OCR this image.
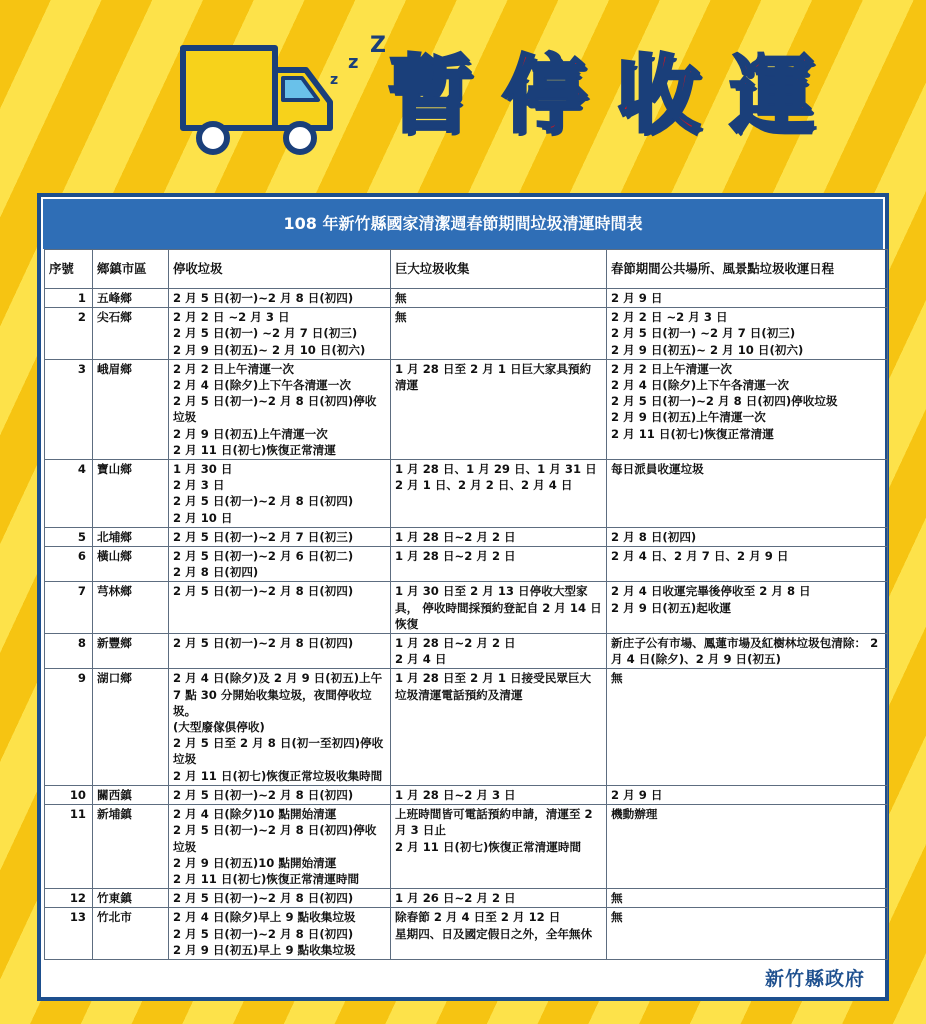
z
z
Z
暫停收運
108 年新竹縣國家清潔週春節期間垃圾清運時間表
序號	鄉鎮市區	停收垃圾	巨大垃圾收集	春節期間公共場所、風景點垃圾收運日程
1	五峰鄉	2 月 5 日(初一)~2 月 8 日(初四)	無	2 月 9 日
2	尖石鄉	2 月 2 日 ~2 月 3 日
2 月 5 日(初一) ~2 月 7 日(初三)
2 月 9 日(初五)~ 2 月 10 日(初六)	無	2 月 2 日 ~2 月 3 日
2 月 5 日(初一) ~2 月 7 日(初三)
2 月 9 日(初五)~ 2 月 10 日(初六)
3	峨眉鄉	2 月 2 日上午清運一次
2 月 4 日(除夕)上下午各清運一次
2 月 5 日(初一)~2 月 8 日(初四)停收垃圾
2 月 9 日(初五)上午清運一次
2 月 11 日(初七)恢復正常清運	1 月 28 日至 2 月 1 日巨大家具預約清運	2 月 2 日上午清運一次
2 月 4 日(除夕)上下午各清運一次
2 月 5 日(初一)~2 月 8 日(初四)停收垃圾
2 月 9 日(初五)上午清運一次
2 月 11 日(初七)恢復正常清運
4	寶山鄉	1 月 30 日
2 月 3 日
2 月 5 日(初一)~2 月 8 日(初四)
2 月 10 日	1 月 28 日、1 月 29 日、1 月 31 日
2 月 1 日、2 月 2 日、2 月 4 日	每日派員收運垃圾
5	北埔鄉	2 月 5 日(初一)~2 月 7 日(初三)	1 月 28 日~2 月 2 日	2 月 8 日(初四)
6	橫山鄉	2 月 5 日(初一)~2 月 6 日(初二)
2 月 8 日(初四)	1 月 28 日~2 月 2 日	2 月 4 日、2 月 7 日、2 月 9 日
7	芎林鄉	2 月 5 日(初一)~2 月 8 日(初四)	1 月 30 日至 2 月 13 日停收大型家具， 停收時間採預約登記自 2 月 14 日恢復	2 月 4 日收運完畢後停收至 2 月 8 日
2 月 9 日(初五)起收運
8	新豐鄉	2 月 5 日(初一)~2 月 8 日(初四)	1 月 28 日~2 月 2 日
2 月 4 日	新庄子公有市場、鳳蓮市場及紅樹林垃圾包清除： 2 月 4 日(除夕)、2 月 9 日(初五)
9	湖口鄉	2 月 4 日(除夕)及 2 月 9 日(初五)上午 7 點 30 分開始收集垃圾，夜間停收垃圾。
(大型廢傢俱停收)
2 月 5 日至 2 月 8 日(初一至初四)停收垃圾
2 月 11 日(初七)恢復正常垃圾收集時間	1 月 28 日至 2 月 1 日接受民眾巨大垃圾清運電話預約及清運	無
10	關西鎮	2 月 5 日(初一)~2 月 8 日(初四)	1 月 28 日~2 月 3 日	2 月 9 日
11	新埔鎮	2 月 4 日(除夕)10 點開始清運
2 月 5 日(初一)~2 月 8 日(初四)停收垃圾
2 月 9 日(初五)10 點開始清運
2 月 11 日(初七)恢復正常清運時間	上班時間皆可電話預約申請，清運至 2 月 3 日止
2 月 11 日(初七)恢復正常清運時間	機動辦理
12	竹東鎮	2 月 5 日(初一)~2 月 8 日(初四)	1 月 26 日~2 月 2 日	無
13	竹北市	2 月 4 日(除夕)早上 9 點收集垃圾
2 月 5 日(初一)~2 月 8 日(初四)
2 月 9 日(初五)早上 9 點收集垃圾	除春節 2 月 4 日至 2 月 12 日
星期四、日及國定假日之外，全年無休	無
新竹縣政府
